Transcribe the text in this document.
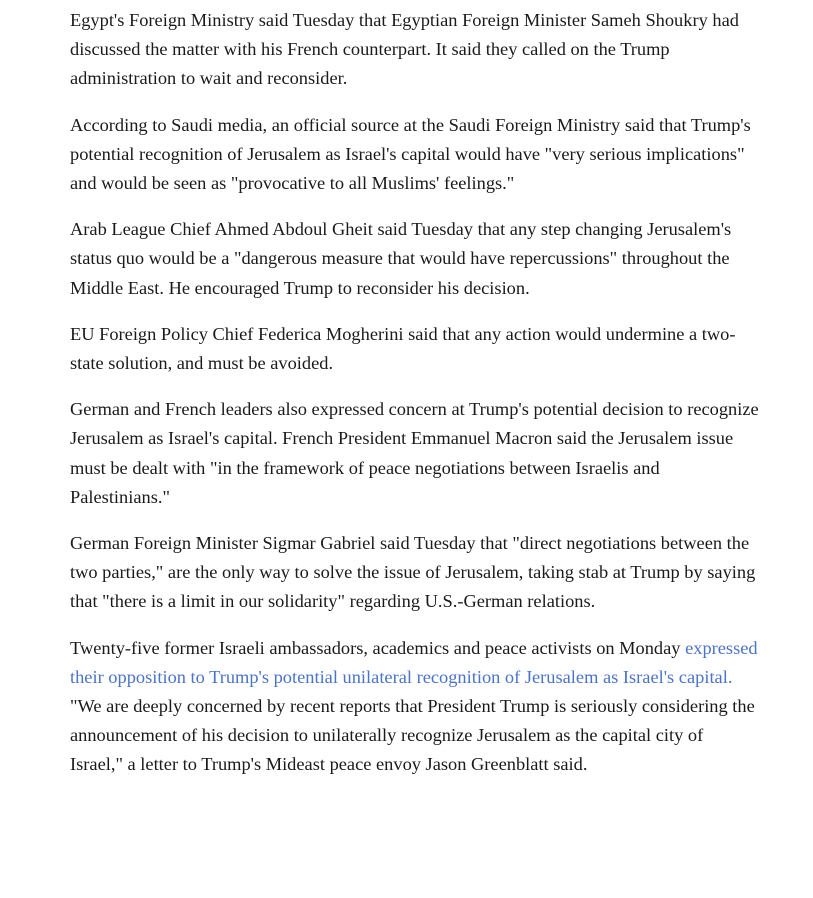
Egypt's Foreign Ministry said Tuesday that Egyptian Foreign Minister Sameh Shoukry had discussed the matter with his French counterpart. It said they called on the Trump administration to wait and reconsider.

According to Saudi media, an official source at the Saudi Foreign Ministry said that Trump's potential recognition of Jerusalem as Israel's capital would have "very serious implications" and would be seen as "provocative to all Muslims' feelings."

Arab League Chief Ahmed Abdoul Gheit said Tuesday that any step changing Jerusalem's status quo would be a "dangerous measure that would have repercussions" throughout the Middle East. He encouraged Trump to reconsider his decision.

EU Foreign Policy Chief Federica Mogherini said that any action would undermine a two-state solution, and must be avoided.

German and French leaders also expressed concern at Trump's potential decision to recognize Jerusalem as Israel's capital. French President Emmanuel Macron said the Jerusalem issue must be dealt with "in the framework of peace negotiations between Israelis and Palestinians."

German Foreign Minister Sigmar Gabriel said Tuesday that "direct negotiations between the two parties," are the only way to solve the issue of Jerusalem, taking stab at Trump by saying that "there is a limit in our solidarity" regarding U.S.-German relations.

Twenty-five former Israeli ambassadors, academics and peace activists on Monday expressed their opposition to Trump's potential unilateral recognition of Jerusalem as Israel's capital. "We are deeply concerned by recent reports that President Trump is seriously considering the announcement of his decision to unilaterally recognize Jerusalem as the capital city of Israel," a letter to Trump's Mideast peace envoy Jason Greenblatt said.
